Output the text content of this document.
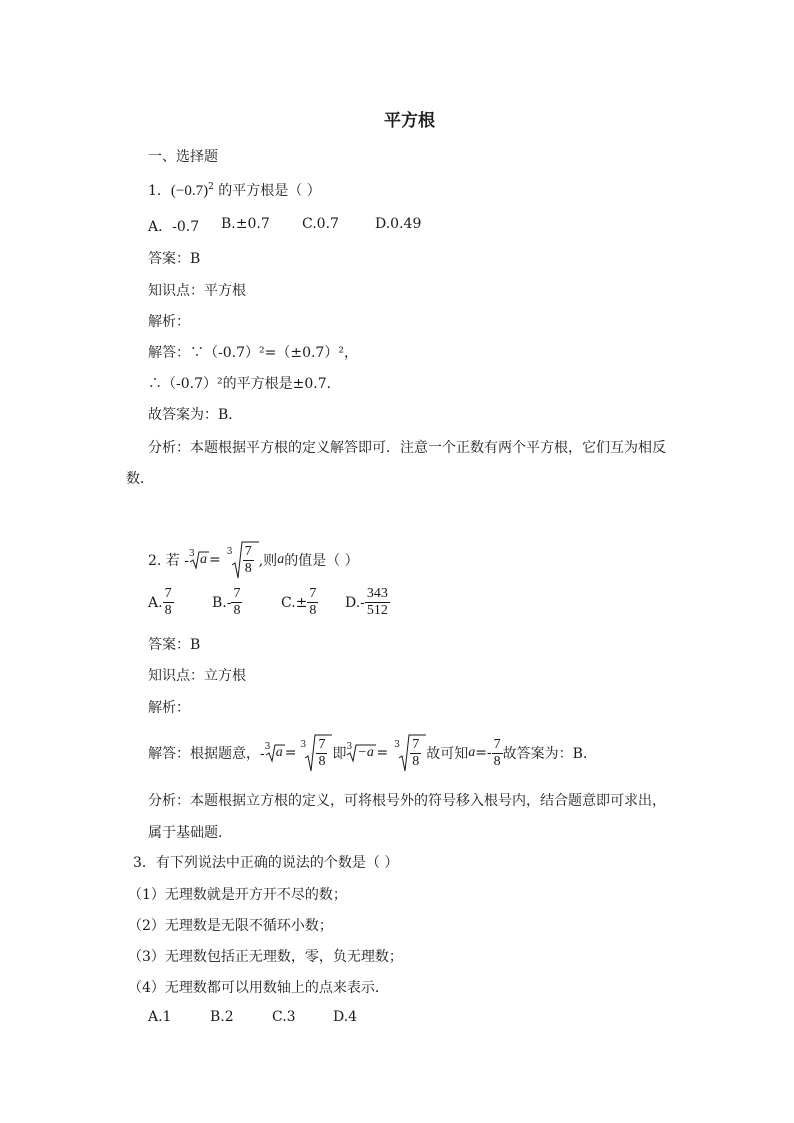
平方根
一、选择题
1．$(-0.7)^2$ 的平方根是（ ）
A．-0.7 B.±0.7 C.0.7	D.0.49
答案：B
知识点：平方根
解析：
解答：∵（-0.7）²=（±0.7）²，
∴（-0.7）²的平方根是±0.7．
故答案为：B．
分析：本题根据平方根的定义解答即可．注意一个正数有两个平方根，它们互为相反
数．
2. 若 - 3 $a = 3 \frac{7}{8}$ ,则 a 的值是（ ）
A. $\frac{7}{8}$	$B.- \frac{7}{8}$	$C.\pm \frac{7}{8} D.- \frac{343}{512}$
答案：B
知识点：立方根
解析：
解答：根据题意，- 3 $a = 3 \frac{7}{8}$ 即 $3 -a = 3 \frac{7}{8}$ 故可知 $a =- \frac{7}{8}$ 故答案为：B．
分析：本题根据立方根的定义，可将根号外的符号移入根号内，结合题意即可求出，
属于基础题．
3．有下列说法中正确的说法的个数是（ ）
（1）无理数就是开方开不尽的数；
（2）无理数是无限不循环小数；
（3）无理数包括正无理数，零，负无理数；
（4）无理数都可以用数轴上的点来表示．
A.1	B.2	C.3	D.4
